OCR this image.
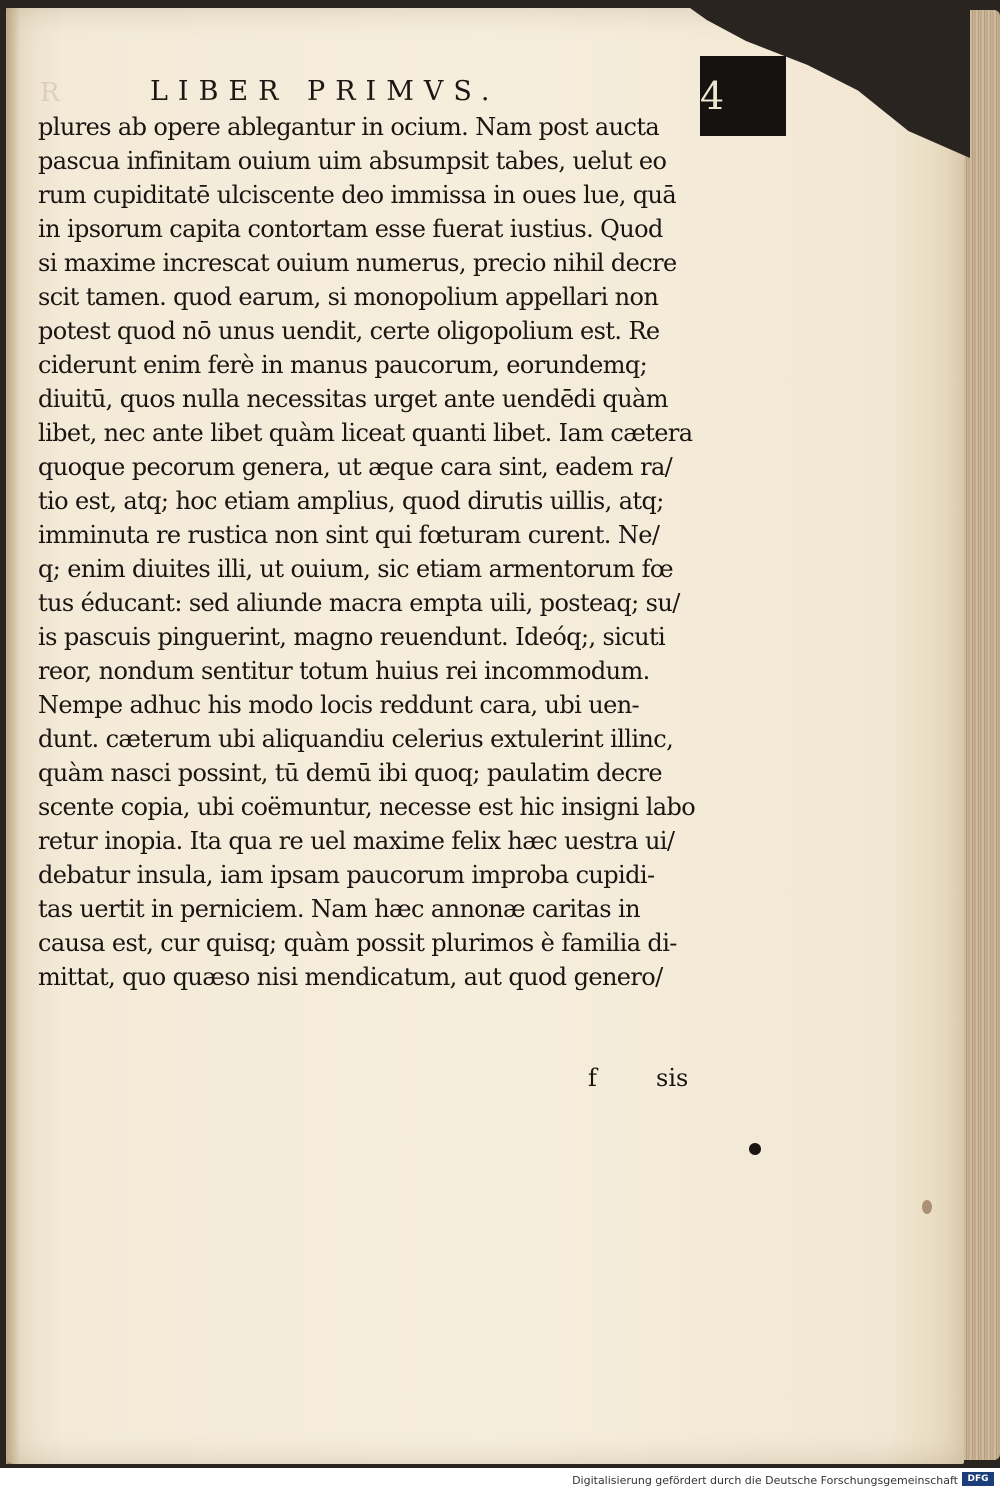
4
R	LIBER PRIMVS.
plures ab opere ablegantur in ocium. Nam post aucta
pascua infinitam ouium uim absumpsit tabes, uelut eo
rum cupiditatē ulciscente deo immissa in oues lue, quā
in ipsorum capita contortam esse fuerat iustius. Quod
si maxime increscat ouium numerus, precio nihil decre
scit tamen. quod earum, si monopolium appellari non
potest quod nō unus uendit, certe oligopolium est. Re
ciderunt enim ferè in manus paucorum, eorundemq;
diuitū, quos nulla necessitas urget ante uendēdi quàm
libet, nec ante libet quàm liceat quanti libet. Iam cætera
quoque pecorum genera, ut æque cara sint, eadem ra/
tio est, atq; hoc etiam amplius, quod dirutis uillis, atq;
imminuta re rustica non sint qui fœturam curent. Ne/
q; enim diuites illi, ut ouium, sic etiam armentorum fœ
tus éducant: sed aliunde macra empta uili, posteaq; su/
is pascuis pinguerint, magno reuendunt. Ideóq;, sicuti
reor, nondum sentitur totum huius rei incommodum.
Nempe adhuc his modo locis reddunt cara, ubi uen-
dunt. cæterum ubi aliquandiu celerius extulerint illinc,
quàm nasci possint, tū demū ibi quoq; paulatim decre
scente copia, ubi coëmuntur, necesse est hic insigni labo
retur inopia. Ita qua re uel maxime felix hæc uestra ui/
debatur insula, iam ipsam paucorum improba cupidi-
tas uertit in perniciem. Nam hæc annonæ caritas in
causa est, cur quisq; quàm possit plurimos è familia di-
mittat, quo quæso nisi mendicatum, aut quod genero/
f sis
Digitalisierung gefördert durch die Deutsche Forschungsgemeinschaft	DFG
